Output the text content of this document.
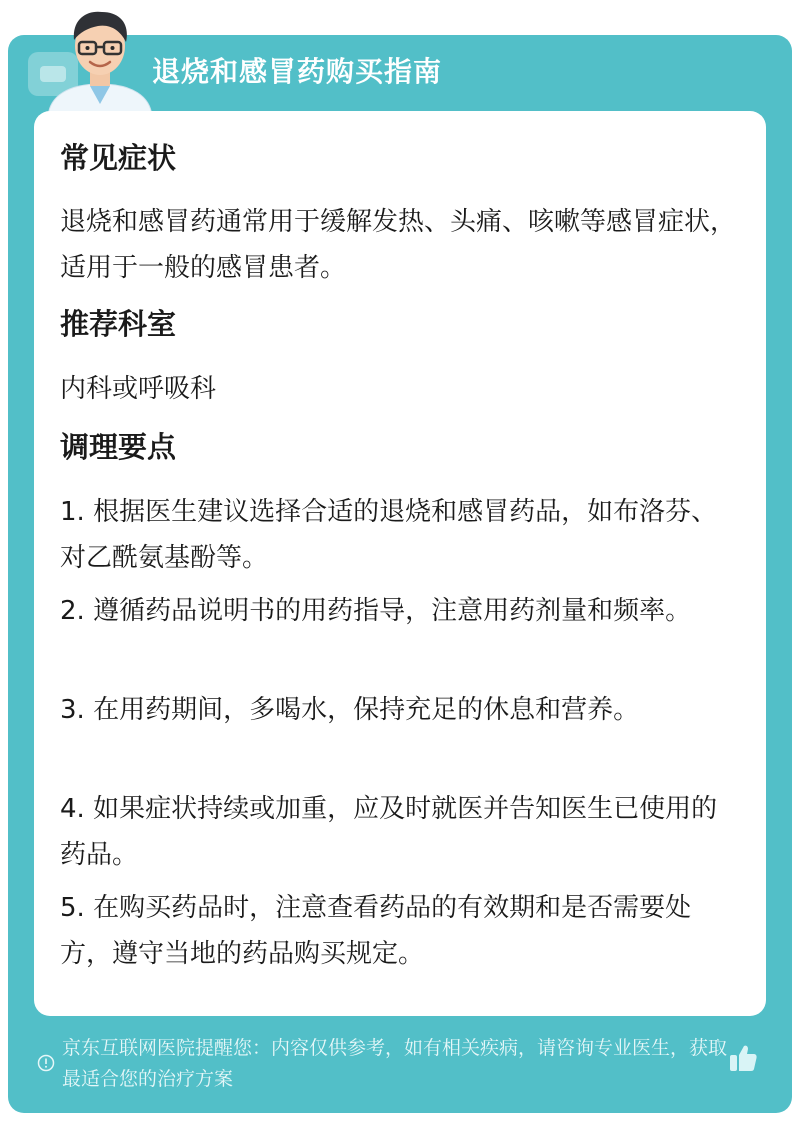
退烧和感冒药购买指南
常见症状

退烧和感冒药通常用于缓解发热、头痛、咳嗽等感冒症状，适用于一般的感冒患者。

推荐科室

内科或呼吸科

调理要点

1. 根据医生建议选择合适的退烧和感冒药品，如布洛芬、对乙酰氨基酚等。

2. 遵循药品说明书的用药指导，注意用药剂量和频率。

3. 在用药期间，多喝水，保持充足的休息和营养。

4. 如果症状持续或加重，应及时就医并告知医生已使用的药品。

5. 在购买药品时，注意查看药品的有效期和是否需要处方，遵守当地的药品购买规定。

京东互联网医院提醒您：内容仅供参考，如有相关疾病，请咨询专业医生，获取最适合您的治疗方案
